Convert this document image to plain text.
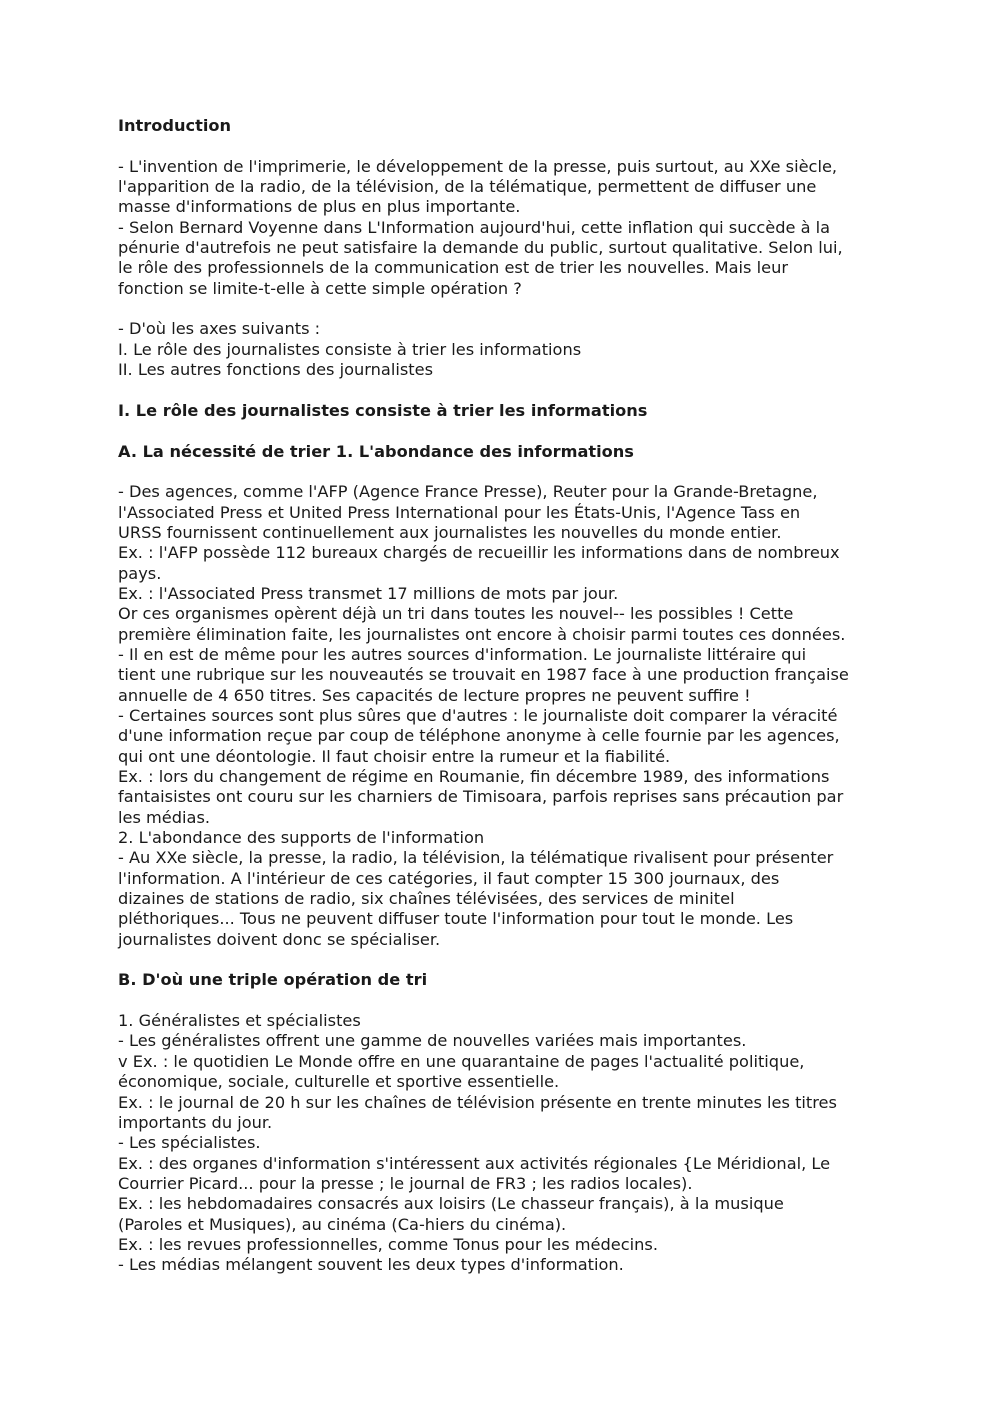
Introduction
- L'invention de l'imprimerie, le développement de la presse, puis surtout, au XXe siècle,
l'apparition de la radio, de la télévision, de la télématique, permettent de diffuser une
masse d'informations de plus en plus importante.
- Selon Bernard Voyenne dans L'Information aujourd'hui, cette inflation qui succède à la
pénurie d'autrefois ne peut satisfaire la demande du public, surtout qualitative. Selon lui,
le rôle des professionnels de la communication est de trier les nouvelles. Mais leur
fonction se limite-t-elle à cette simple opération ?
- D'où les axes suivants :
I. Le rôle des journalistes consiste à trier les informations
II. Les autres fonctions des journalistes
I. Le rôle des journalistes consiste à trier les informations
A. La nécessité de trier 1. L'abondance des informations
- Des agences, comme l'AFP (Agence France Presse), Reuter pour la Grande-Bretagne,
l'Associated Press et United Press International pour les États-Unis, l'Agence Tass en
URSS fournissent continuellement aux journalistes les nouvelles du monde entier.
Ex. : l'AFP possède 112 bureaux chargés de recueillir les informations dans de nombreux
pays.
Ex. : l'Associated Press transmet 17 millions de mots par jour.
Or ces organismes opèrent déjà un tri dans toutes les nouvel-- les possibles ! Cette
première élimination faite, les journalistes ont encore à choisir parmi toutes ces données.
- Il en est de même pour les autres sources d'information. Le journaliste littéraire qui
tient une rubrique sur les nouveautés se trouvait en 1987 face à une production française
annuelle de 4 650 titres. Ses capacités de lecture propres ne peuvent suffire !
- Certaines sources sont plus sûres que d'autres : le journaliste doit comparer la véracité
d'une information reçue par coup de téléphone anonyme à celle fournie par les agences,
qui ont une déontologie. Il faut choisir entre la rumeur et la fiabilité.
Ex. : lors du changement de régime en Roumanie, fin décembre 1989, des informations
fantaisistes ont couru sur les charniers de Timisoara, parfois reprises sans précaution par
les médias.
2. L'abondance des supports de l'information
- Au XXe siècle, la presse, la radio, la télévision, la télématique rivalisent pour présenter
l'information. A l'intérieur de ces catégories, il faut compter 15 300 journaux, des
dizaines de stations de radio, six chaînes télévisées, des services de minitel
pléthoriques... Tous ne peuvent diffuser toute l'information pour tout le monde. Les
journalistes doivent donc se spécialiser.
B. D'où une triple opération de tri
1. Généralistes et spécialistes
- Les généralistes offrent une gamme de nouvelles variées mais importantes.
v Ex. : le quotidien Le Monde offre en une quarantaine de pages l'actualité politique,
économique, sociale, culturelle et sportive essentielle.
Ex. : le journal de 20 h sur les chaînes de télévision présente en trente minutes les titres
importants du jour.
- Les spécialistes.
Ex. : des organes d'information s'intéressent aux activités régionales {Le Méridional, Le
Courrier Picard... pour la presse ; le journal de FR3 ; les radios locales).
Ex. : les hebdomadaires consacrés aux loisirs (Le chasseur français), à la musique
(Paroles et Musiques), au cinéma (Ca-hiers du cinéma).
Ex. : les revues professionnelles, comme Tonus pour les médecins.
- Les médias mélangent souvent les deux types d'information.
